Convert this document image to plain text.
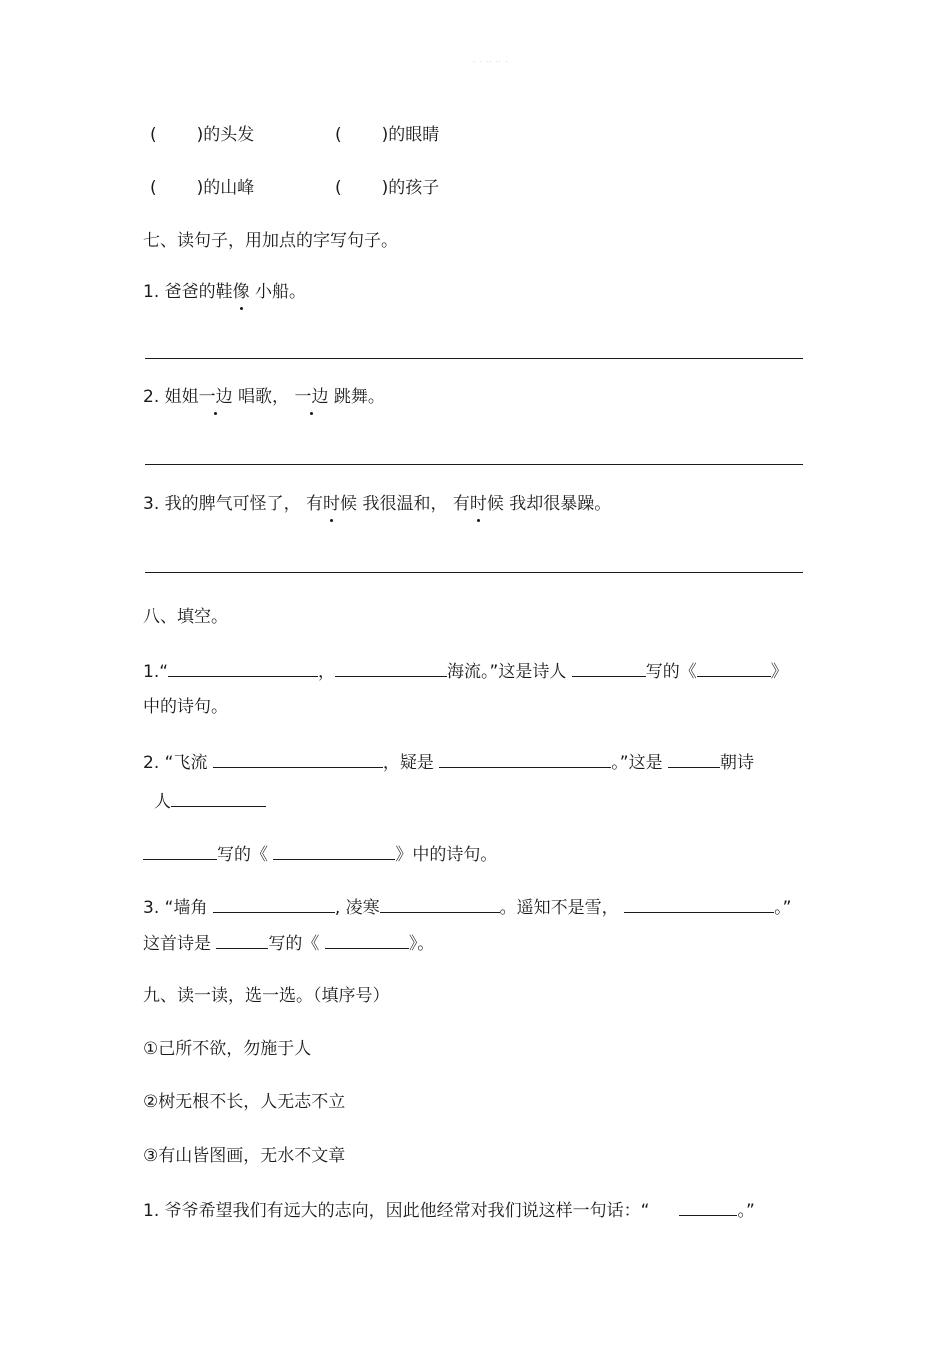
· · ·· ·· ·
( )的头发	( )的眼睛
( )的山峰	( )的孩子
七、读句子，用加点的字写句子。
1. 爸爸的鞋像 小船。
2. 姐姐一边 唱歌， 一边 跳舞。
3. 我的脾气可怪了， 有时候 我很温和， 有时候 我却很暴躁。
八、填空。
1.“	，	海流。”这是诗人	写的《	》
中的诗句。
2. “飞流	，疑是	。”这是	朝诗
人
写的《	》中的诗句。
3. “墙角	, 凌寒	。遥知不是雪，	。”
这首诗是	写的《	》。
九、读一读，选一选。（填序号）
①己所不欲，勿施于人
②树无根不长，人无志不立
③有山皆图画，无水不文章
1. 爷爷希望我们有远大的志向，因此他经常对我们说这样一句话：“	。”
